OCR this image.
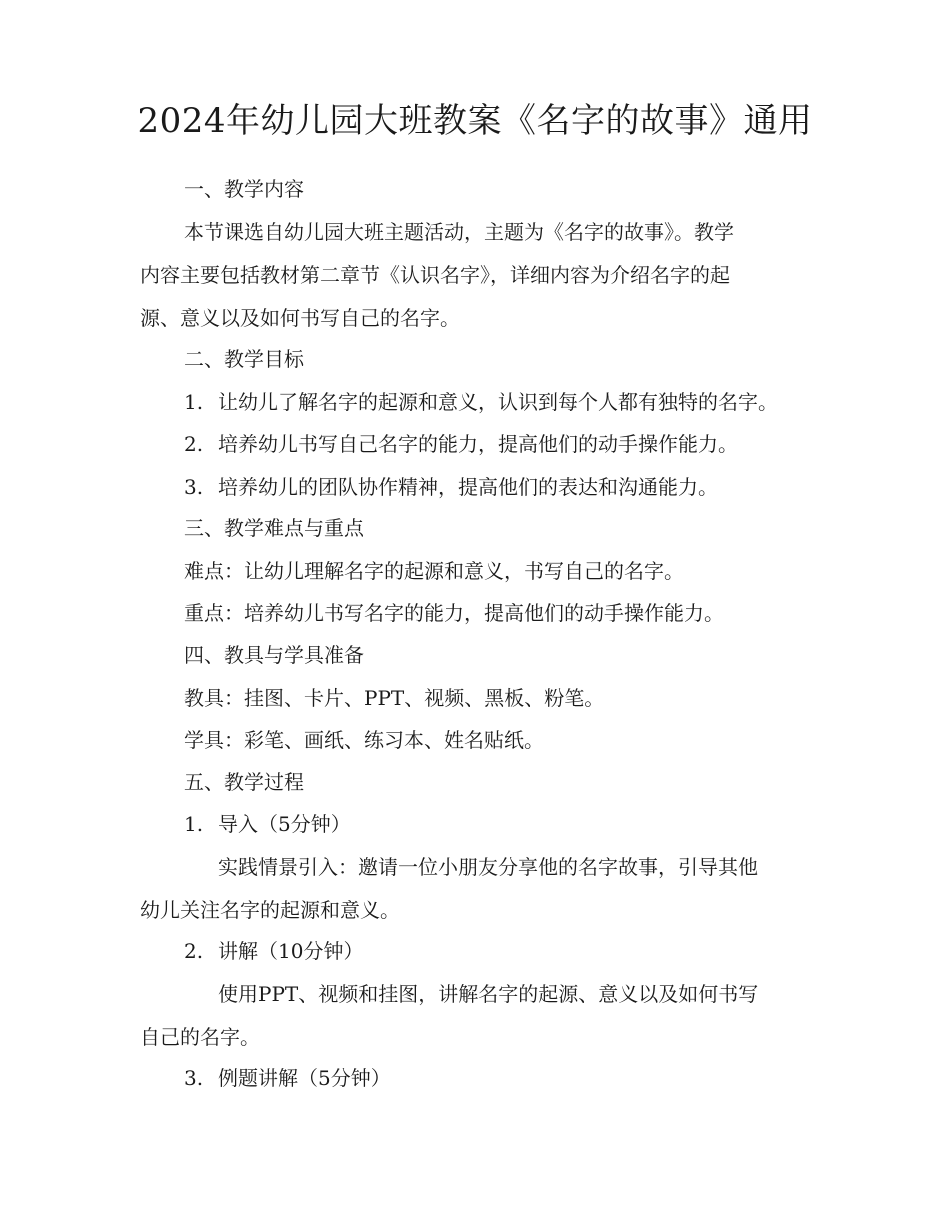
2024年幼儿园大班教案《名字的故事》通用
一、教学内容
本节课选自幼儿园大班主题活动，主题为《名字的故事》。教学
内容主要包括教材第二章节《认识名字》，详细内容为介绍名字的起
源、意义以及如何书写自己的名字。
二、教学目标
1. 让幼儿了解名字的起源和意义，认识到每个人都有独特的名字。
2. 培养幼儿书写自己名字的能力，提高他们的动手操作能力。
3. 培养幼儿的团队协作精神，提高他们的表达和沟通能力。
三、教学难点与重点
难点：让幼儿理解名字的起源和意义，书写自己的名字。
重点：培养幼儿书写名字的能力，提高他们的动手操作能力。
四、教具与学具准备
教具：挂图、卡片、PPT、视频、黑板、粉笔。
学具：彩笔、画纸、练习本、姓名贴纸。
五、教学过程
1. 导入（5分钟）
实践情景引入：邀请一位小朋友分享他的名字故事，引导其他
幼儿关注名字的起源和意义。
2. 讲解（10分钟）
使用PPT、视频和挂图，讲解名字的起源、意义以及如何书写
自己的名字。
3. 例题讲解（5分钟）
